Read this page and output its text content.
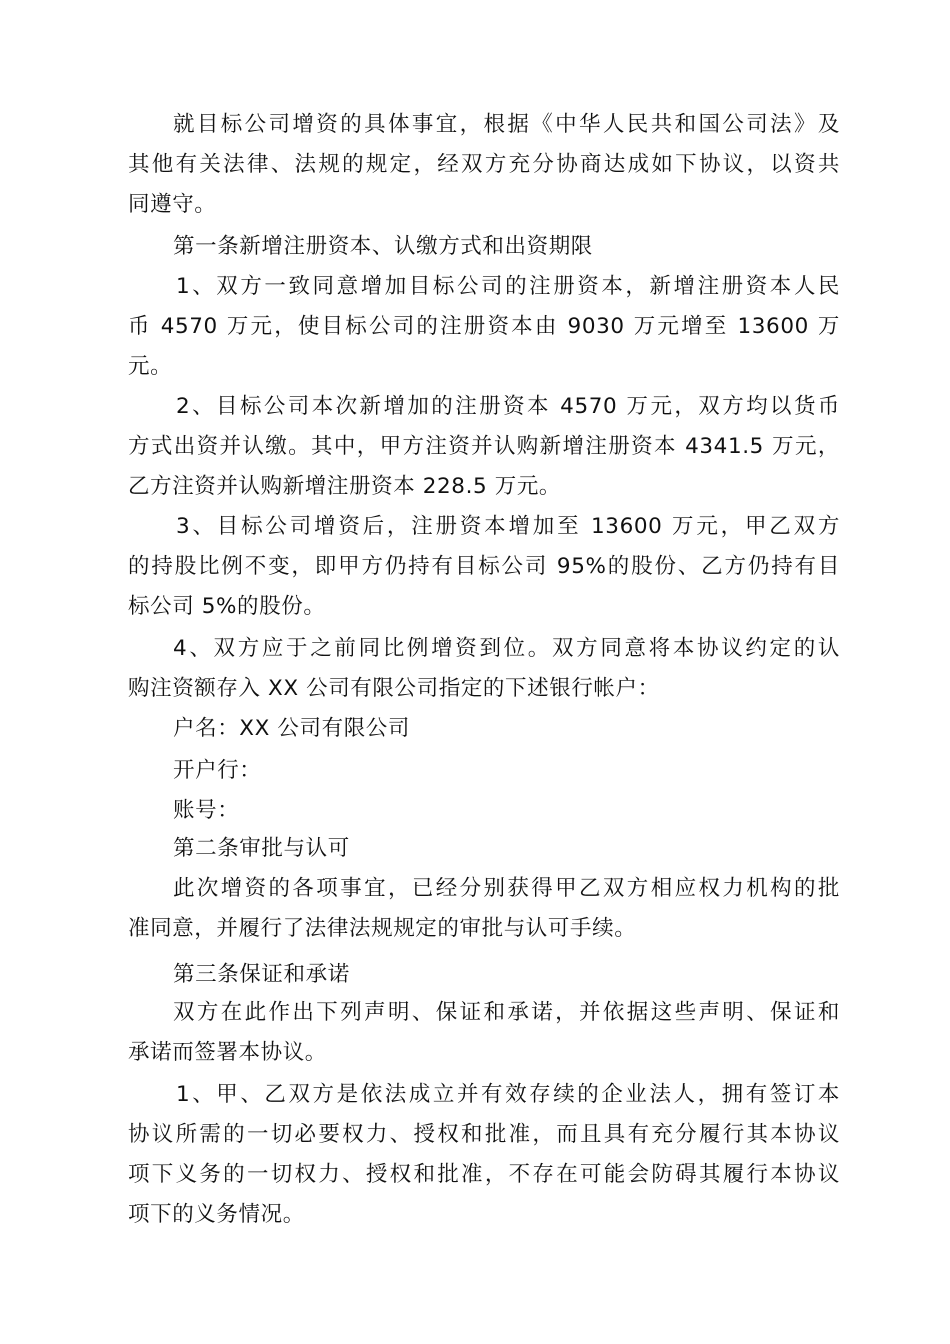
就目标公司增资的具体事宜，根据《中华人民共和国公司法》及
其他有关法律、法规的规定，经双方充分协商达成如下协议，以资共
同遵守。
第一条新增注册资本、认缴方式和出资期限
1、双方一致同意增加目标公司的注册资本，新增注册资本人民
币 4570 万元，使目标公司的注册资本由 9030 万元增至 13600 万
元。
2、目标公司本次新增加的注册资本 4570 万元，双方均以货币
方式出资并认缴。其中，甲方注资并认购新增注册资本 4341.5 万元，
乙方注资并认购新增注册资本 228.5 万元。
3、目标公司增资后，注册资本增加至 13600 万元，甲乙双方
的持股比例不变，即甲方仍持有目标公司 95%的股份、乙方仍持有目
标公司 5%的股份。
4、双方应于之前同比例增资到位。双方同意将本协议约定的认
购注资额存入 XX 公司有限公司指定的下述银行帐户：
户名：XX 公司有限公司
开户行：
账号：
第二条审批与认可
此次增资的各项事宜，已经分别获得甲乙双方相应权力机构的批
准同意，并履行了法律法规规定的审批与认可手续。
第三条保证和承诺
双方在此作出下列声明、保证和承诺，并依据这些声明、保证和
承诺而签署本协议。
1、甲、乙双方是依法成立并有效存续的企业法人，拥有签订本
协议所需的一切必要权力、授权和批准，而且具有充分履行其本协议
项下义务的一切权力、授权和批准，不存在可能会防碍其履行本协议
项下的义务情况。
